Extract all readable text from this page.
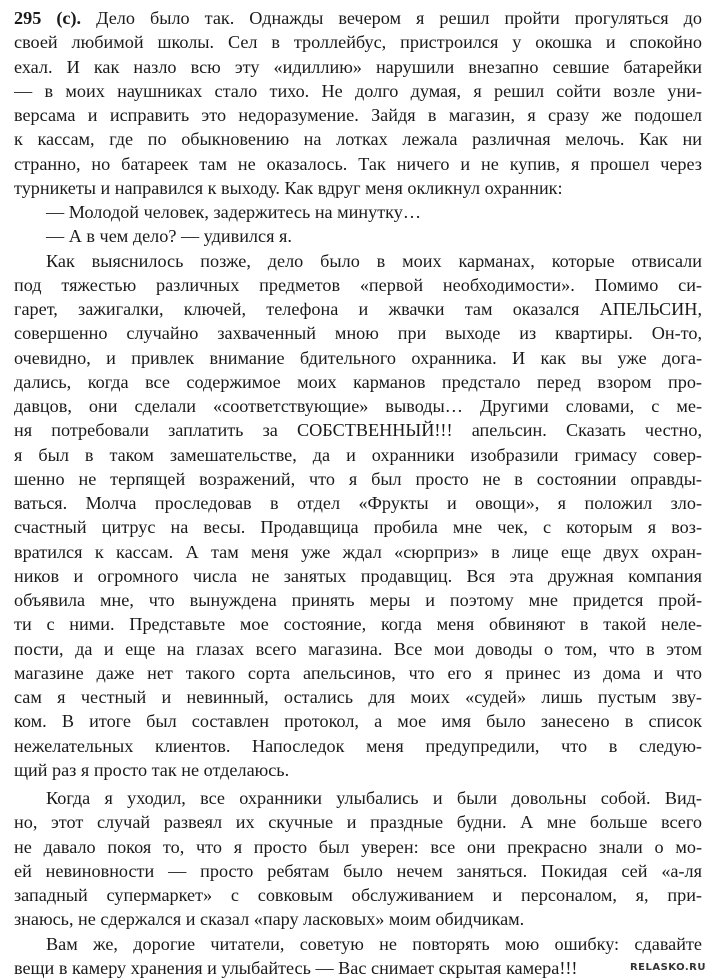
295 (с). Дело было так. Однажды вечером я решил пройти прогуляться до
своей любимой школы. Сел в троллейбус, пристроился у окошка и спокойно
ехал. И как назло всю эту «идиллию» нарушили внезапно севшие батарейки
— в моих наушниках стало тихо. Не долго думая, я решил сойти возле уни-
версама и исправить это недоразумение. Зайдя в магазин, я сразу же подошел
к кассам, где по обыкновению на лотках лежала различная мелочь. Как ни
странно, но батареек там не оказалось. Так ничего и не купив, я прошел через
турникеты и направился к выходу. Как вдруг меня окликнул охранник:
— Молодой человек, задержитесь на минутку…
— А в чем дело? — удивился я.
Как выяснилось позже, дело было в моих карманах, которые отвисали
под тяжестью различных предметов «первой необходимости». Помимо си-
гарет, зажигалки, ключей, телефона и жвачки там оказался АПЕЛЬСИН,
совершенно случайно захваченный мною при выходе из квартиры. Он-то,
очевидно, и привлек внимание бдительного охранника. И как вы уже дога-
дались, когда все содержимое моих карманов предстало перед взором про-
давцов, они сделали «соответствующие» выводы… Другими словами, с ме-
ня потребовали заплатить за СОБСТВЕННЫЙ!!! апельсин. Сказать честно,
я был в таком замешательстве, да и охранники изобразили гримасу совер-
шенно не терпящей возражений, что я был просто не в состоянии оправды-
ваться. Молча проследовав в отдел «Фрукты и овощи», я положил зло-
счастный цитрус на весы. Продавщица пробила мне чек, с которым я воз-
вратился к кассам. А там меня уже ждал «сюрприз» в лице еще двух охран-
ников и огромного числа не занятых продавщиц. Вся эта дружная компания
объявила мне, что вынуждена принять меры и поэтому мне придется прой-
ти с ними. Представьте мое состояние, когда меня обвиняют в такой неле-
пости, да и еще на глазах всего магазина. Все мои доводы о том, что в этом
магазине даже нет такого сорта апельсинов, что его я принес из дома и что
сам я честный и невинный, остались для моих «судей» лишь пустым зву-
ком. В итоге был составлен протокол, а мое имя было занесено в список
нежелательных клиентов. Напоследок меня предупредили, что в следую-
щий раз я просто так не отделаюсь.
Когда я уходил, все охранники улыбались и были довольны собой. Вид-
но, этот случай развеял их скучные и праздные будни. А мне больше всего
не давало покоя то, что я просто был уверен: все они прекрасно знали о мо-
ей невиновности — просто ребятам было нечем заняться. Покидая сей «а-ля
западный супермаркет» с совковым обслуживанием и персоналом, я, при-
знаюсь, не сдержался и сказал «пару ласковых» моим обидчикам.
Вам же, дорогие читатели, советую не повторять мою ошибку: сдавайте
вещи в камеру хранения и улыбайтесь — Вас снимает скрытая камера!!!	RELASKO.RU
